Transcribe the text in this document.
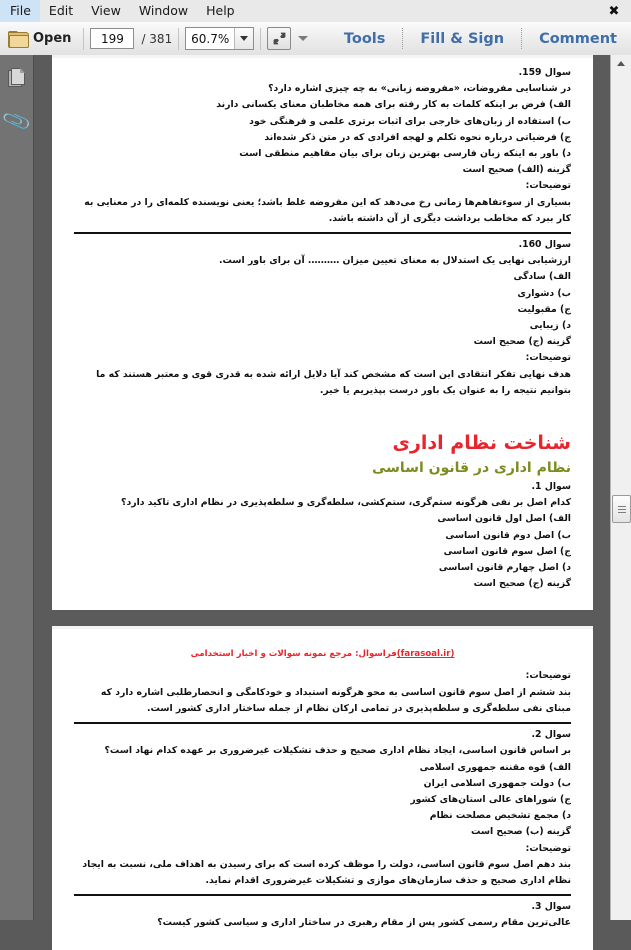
File	Edit	View	Window	Help	✖
Open	199	/ 381	60.7%	Tools	Fill & Sign	Comment
📎

سوال 159.

در شناسایی مفروضات، «مفروضه زبانی» به چه چیزی اشاره دارد؟

الف) فرض بر اینکه کلمات به کار رفته برای همه مخاطبان معنای یکسانی دارند

ب) استفاده از زبان‌های خارجی برای اثبات برتری علمی و فرهنگی خود

ج) فرضیاتی درباره نحوه تکلم و لهجه افرادی که در متن ذکر شده‌اند

د) باور به اینکه زبان فارسی بهترین زبان برای بیان مفاهیم منطقی است

گزینه (الف) صحیح است

توضیحات:

بسیاری از سوءتفاهم‌ها زمانی رخ می‌دهد که این مفروضه غلط باشد؛ یعنی نویسنده کلمه‌ای را در معنایی به کار ببرد که مخاطب برداشت دیگری از آن داشته باشد.

سوال 160.

ارزشیابی نهایی یک استدلال به معنای تعیین میزان ………. آن برای باور است.

الف) سادگی

ب) دشواری

ج) مقبولیت

د) زیبایی

گزینه (ج) صحیح است

توضیحات:

هدف نهایی تفکر انتقادی این است که مشخص کند آیا دلایل ارائه شده به قدری قوی و معتبر هستند که ما بتوانیم نتیجه را به عنوان یک باور درست بپذیریم یا خیر.

شناخت نظام اداری

نظام اداری در قانون اساسی

سوال 1.

کدام اصل بر نفی هرگونه ستم‌گری، ستم‌کشی، سلطه‌گری و سلطه‌پذیری در نظام اداری تاکید دارد؟

الف) اصل اول قانون اساسی

ب) اصل دوم قانون اساسی

ج) اصل سوم قانون اساسی

د) اصل چهارم قانون اساسی

گزینه (ج) صحیح است

(farasoal.ir)فراسوال: مرجع نمونه سوالات و اخبار استخدامی

توضیحات:

بند ششم از اصل سوم قانون اساسی به محو هرگونه استبداد و خودکامگی و انحصارطلبی اشاره دارد که مبنای نفی سلطه‌گری و سلطه‌پذیری در تمامی ارکان نظام از جمله ساختار اداری کشور است.

سوال 2.

بر اساس قانون اساسی، ایجاد نظام اداری صحیح و حذف تشکیلات غیرضروری بر عهده کدام نهاد است؟

الف) قوه مقننه جمهوری اسلامی

ب) دولت جمهوری اسلامی ایران

ج) شوراهای عالی استان‌های کشور

د) مجمع تشخیص مصلحت نظام

گزینه (ب) صحیح است

توضیحات:

بند دهم اصل سوم قانون اساسی، دولت را موظف کرده است که برای رسیدن به اهداف ملی، نسبت به ایجاد نظام اداری صحیح و حذف سازمان‌های موازی و تشکیلات غیرضروری اقدام نماید.

سوال 3.

عالی‌ترین مقام رسمی کشور پس از مقام رهبری در ساختار اداری و سیاسی کشور کیست؟
